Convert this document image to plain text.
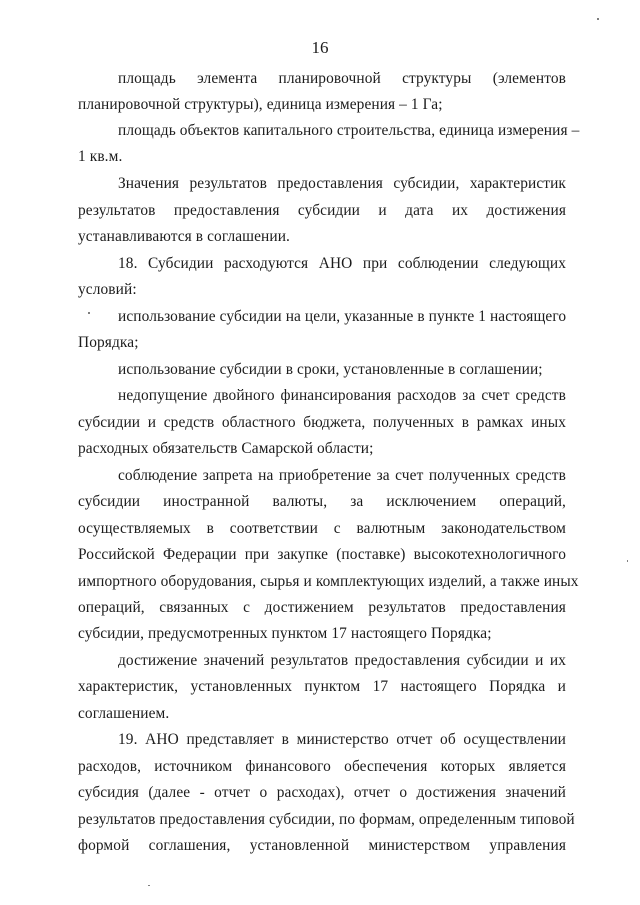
16
площадь элемента планировочной структуры (элементов
планировочной структуры), единица измерения – 1 Га;
площадь объектов капитального строительства, единица измерения –
1 кв.м.
Значения результатов предоставления субсидии, характеристик
результатов предоставления субсидии и дата их достижения
устанавливаются в соглашении.
18. Субсидии расходуются АНО при соблюдении следующих
условий:
использование субсидии на цели, указанные в пункте 1 настоящего
Порядка;
использование субсидии в сроки, установленные в соглашении;
недопущение двойного финансирования расходов за счет средств
субсидии и средств областного бюджета, полученных в рамках иных
расходных обязательств Самарской области;
соблюдение запрета на приобретение за счет полученных средств
субсидии иностранной валюты, за исключением операций,
осуществляемых в соответствии с валютным законодательством
Российской Федерации при закупке (поставке) высокотехнологичного
импортного оборудования, сырья и комплектующих изделий, а также иных
операций, связанных с достижением результатов предоставления
субсидии, предусмотренных пунктом 17 настоящего Порядка;
достижение значений результатов предоставления субсидии и их
характеристик, установленных пунктом 17 настоящего Порядка и
соглашением.
19. АНО представляет в министерство отчет об осуществлении
расходов, источником финансового обеспечения которых является
субсидия (далее - отчет о расходах), отчет о достижения значений
результатов предоставления субсидии, по формам, определенным типовой
формой соглашения, установленной министерством управления
